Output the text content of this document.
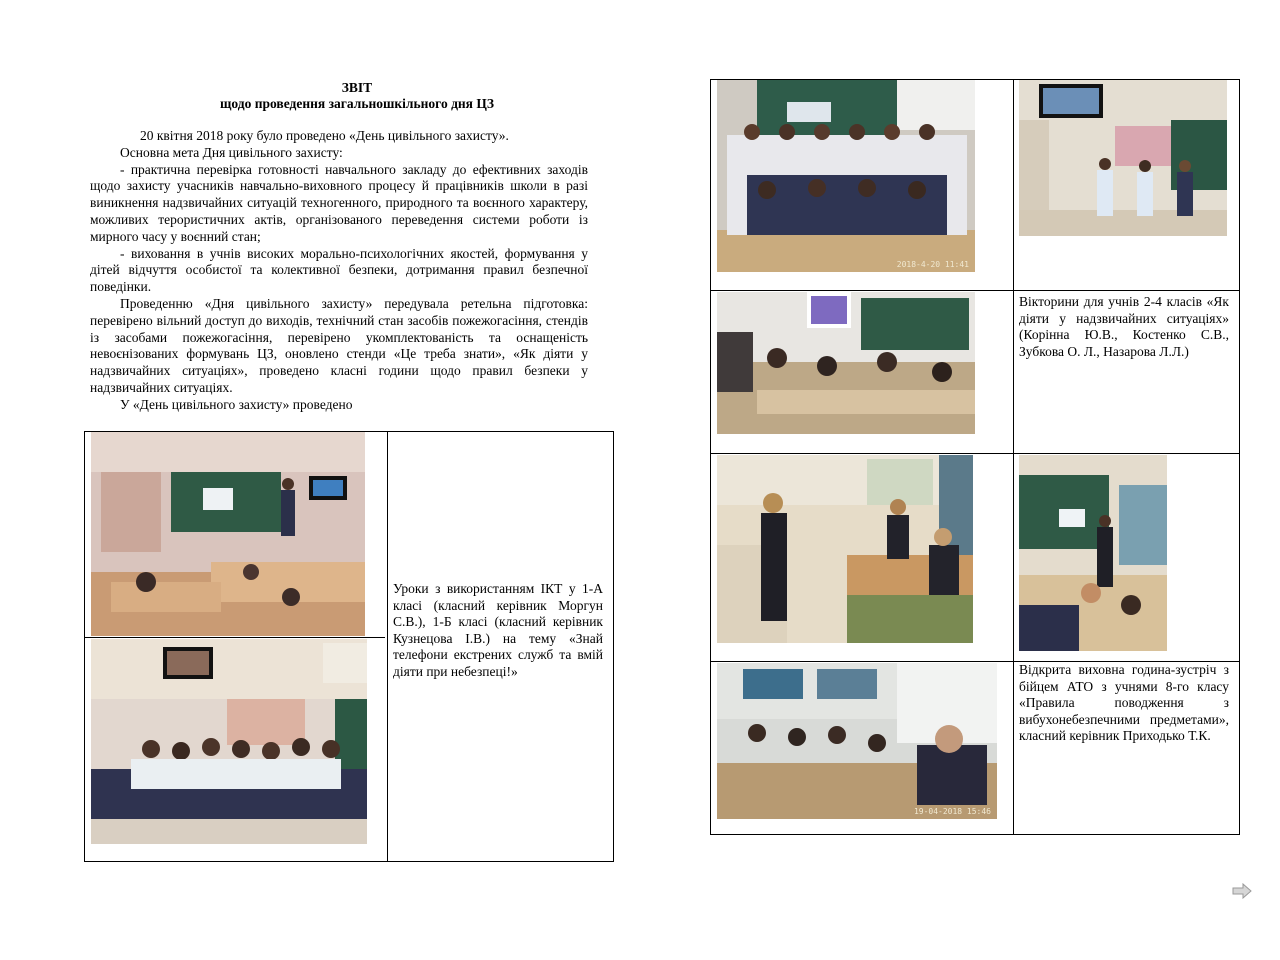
ЗВІТ
щодо проведення загальношкільного дня ЦЗ

20 квітня 2018 року було проведено «День цивільного захисту».

Основна мета Дня цивільного захисту:

- практична перевірка готовності навчального закладу до ефективних заходів щодо захисту учасників навчально-виховного процесу й працівників школи в разі виникнення надзвичайних ситуацій техногенного, природного та воєнного характеру, можливих терористичних актів, організованого переведення системи роботи із мирного часу у воєнний стан;

- виховання в учнів високих морально-психологічних якостей, формування у дітей відчуття особистої та колективної безпеки, дотримання правил безпечної поведінки.

Проведенню «Дня цивільного захисту» передувала ретельна підготовка: перевірено вільний доступ до виходів, технічний стан засобів пожежогасіння, стендів із засобами пожежогасіння, перевірено укомплектованість та оснащеність невоєнізованих формувань ЦЗ, оновлено стенди «Це треба знати», «Як діяти у надзвичайних ситуаціях», проведено класні години щодо правил безпеки у надзвичайних ситуаціях.

У «День цивільного захисту» проведено

Уроки з використанням ІКТ у 1-А класі (класний керівник Моргун С.В.), 1-Б класі (класний керівник Кузнецова І.В.) на тему «Знай телефони екстрених служб та вмій діяти при небезпеці!»
2018-4-20 11:41
Вікторини для учнів 2-4 класів «Як діяти у надзвичайних ситуаціях» (Корінна Ю.В., Костенко С.В., Зубкова О. Л., Назарова Л.Л.)
19-04-2018 15:46
Відкрита виховна година-зустріч з бійцем АТО з учнями 8-го класу «Правила поводження з вибухонебезпечними предметами», класний керівник Приходько Т.К.
